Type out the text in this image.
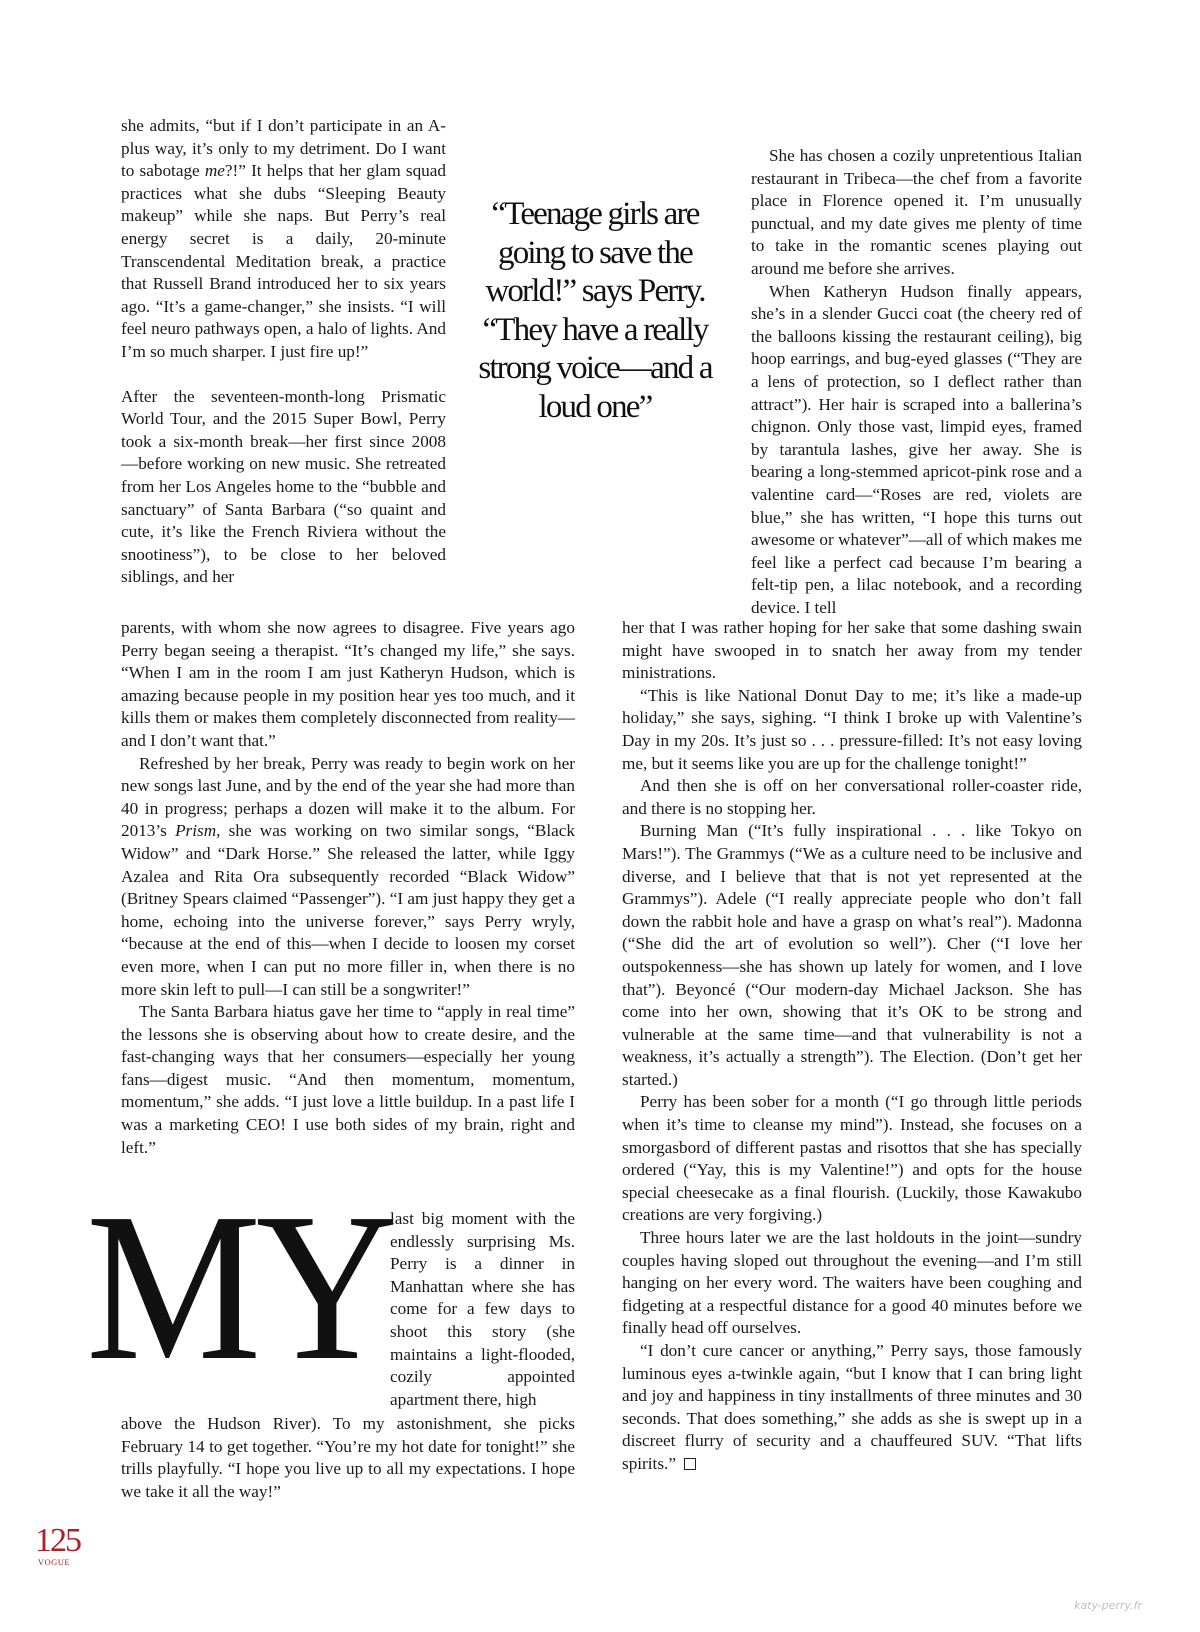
she admits, “but if I don’t participate in an A-plus way, it’s only to my detriment. Do I want to sabotage me?!” It helps that her glam squad practices what she dubs “Sleeping Beauty makeup” while she naps. But Perry’s real energy secret is a daily, 20-minute Transcendental Meditation break, a practice that Russell Brand introduced her to six years ago. “It’s a game-changer,” she insists. “I will feel neuro pathways open, a halo of lights. And I’m so much sharper. I just fire up!”

After the seventeen-month-long Prismatic World Tour, and the 2015 Super Bowl, Perry took a six-month break—her first since 2008—before working on new music. She retreated from her Los Angeles home to the “bubble and sanctuary” of Santa Barbara (“so quaint and cute, it’s like the French Riviera without the snootiness”), to be close to her beloved siblings, and her

“Teenage girls are going to save the world!” says Perry. “They have a really strong voice—and a loud one”

She has chosen a cozily unpretentious Italian restaurant in Tribeca—the chef from a favorite place in Florence opened it. I’m unusually punctual, and my date gives me plenty of time to take in the romantic scenes playing out around me before she arrives.

When Katheryn Hudson finally appears, she’s in a slender Gucci coat (the cheery red of the balloons kissing the restaurant ceiling), big hoop earrings, and bug-eyed glasses (“They are a lens of protection, so I deflect rather than attract”). Her hair is scraped into a ballerina’s chignon. Only those vast, limpid eyes, framed by tarantula lashes, give her away. She is bearing a long-stemmed apricot-pink rose and a valentine card—“Roses are red, violets are blue,” she has written, “I hope this turns out awesome or whatever”—all of which makes me feel like a perfect cad because I’m bearing a felt-tip pen, a lilac notebook, and a recording device. I tell

parents, with whom she now agrees to disagree. Five years ago Perry began seeing a therapist. “It’s changed my life,” she says. “When I am in the room I am just Katheryn Hudson, which is amazing because people in my position hear yes too much, and it kills them or makes them completely disconnected from reality—and I don’t want that.”

Refreshed by her break, Perry was ready to begin work on her new songs last June, and by the end of the year she had more than 40 in progress; perhaps a dozen will make it to the album. For 2013’s Prism, she was working on two similar songs, “Black Widow” and “Dark Horse.” She released the latter, while Iggy Azalea and Rita Ora subsequently recorded “Black Widow” (Britney Spears claimed “Passenger”). “I am just happy they get a home, echoing into the universe forever,” says Perry wryly, “because at the end of this—when I decide to loosen my corset even more, when I can put no more filler in, when there is no more skin left to pull—I can still be a songwriter!”

The Santa Barbara hiatus gave her time to “apply in real time” the lessons she is observing about how to create desire, and the fast-changing ways that her consumers—especially her young fans—digest music. “And then momentum, momentum, momentum,” she adds. “I just love a little buildup. In a past life I was a marketing CEO! I use both sides of my brain, right and left.”

her that I was rather hoping for her sake that some dashing swain might have swooped in to snatch her away from my tender ministrations.

“This is like National Donut Day to me; it’s like a made-up holiday,” she says, sighing. “I think I broke up with Valentine’s Day in my 20s. It’s just so . . . pressure-filled: It’s not easy loving me, but it seems like you are up for the challenge tonight!”

And then she is off on her conversational roller-coaster ride, and there is no stopping her.

Burning Man (“It’s fully inspirational . . . like Tokyo on Mars!”). The Grammys (“We as a culture need to be inclusive and diverse, and I believe that that is not yet represented at the Grammys”). Adele (“I really appreciate people who don’t fall down the rabbit hole and have a grasp on what’s real”). Madonna (“She did the art of evolution so well”). Cher (“I love her outspokenness—she has shown up lately for women, and I love that”). Beyoncé (“Our modern-day Michael Jackson. She has come into her own, showing that it’s OK to be strong and vulnerable at the same time—and that vulnerability is not a weakness, it’s actually a strength”). The Election. (Don’t get her started.)

Perry has been sober for a month (“I go through little periods when it’s time to cleanse my mind”). Instead, she focuses on a smorgasbord of different pastas and risottos that she has specially ordered (“Yay, this is my Valentine!”) and opts for the house special cheesecake as a final flourish. (Luckily, those Kawakubo creations are very forgiving.)

Three hours later we are the last holdouts in the joint—sundry couples having sloped out throughout the evening—and I’m still hanging on her every word. The waiters have been coughing and fidgeting at a respectful distance for a good 40 minutes before we finally head off ourselves.

“I don’t cure cancer or anything,” Perry says, those famously luminous eyes a-twinkle again, “but I know that I can bring light and joy and happiness in tiny installments of three minutes and 30 seconds. That does something,” she adds as she is swept up in a discreet flurry of security and a chauffeured SUV. “That lifts spirits.”

MY

last big moment with the endlessly surprising Ms. Perry is a dinner in Manhattan where she has come for a few days to shoot this story (she maintains a light-flooded, cozily appointed apartment there, high

above the Hudson River). To my astonishment, she picks February 14 to get together. “You’re my hot date for tonight!” she trills playfully. “I hope you live up to all my expectations. I hope we take it all the way!”

125
VOGUE
katy-perry.fr
